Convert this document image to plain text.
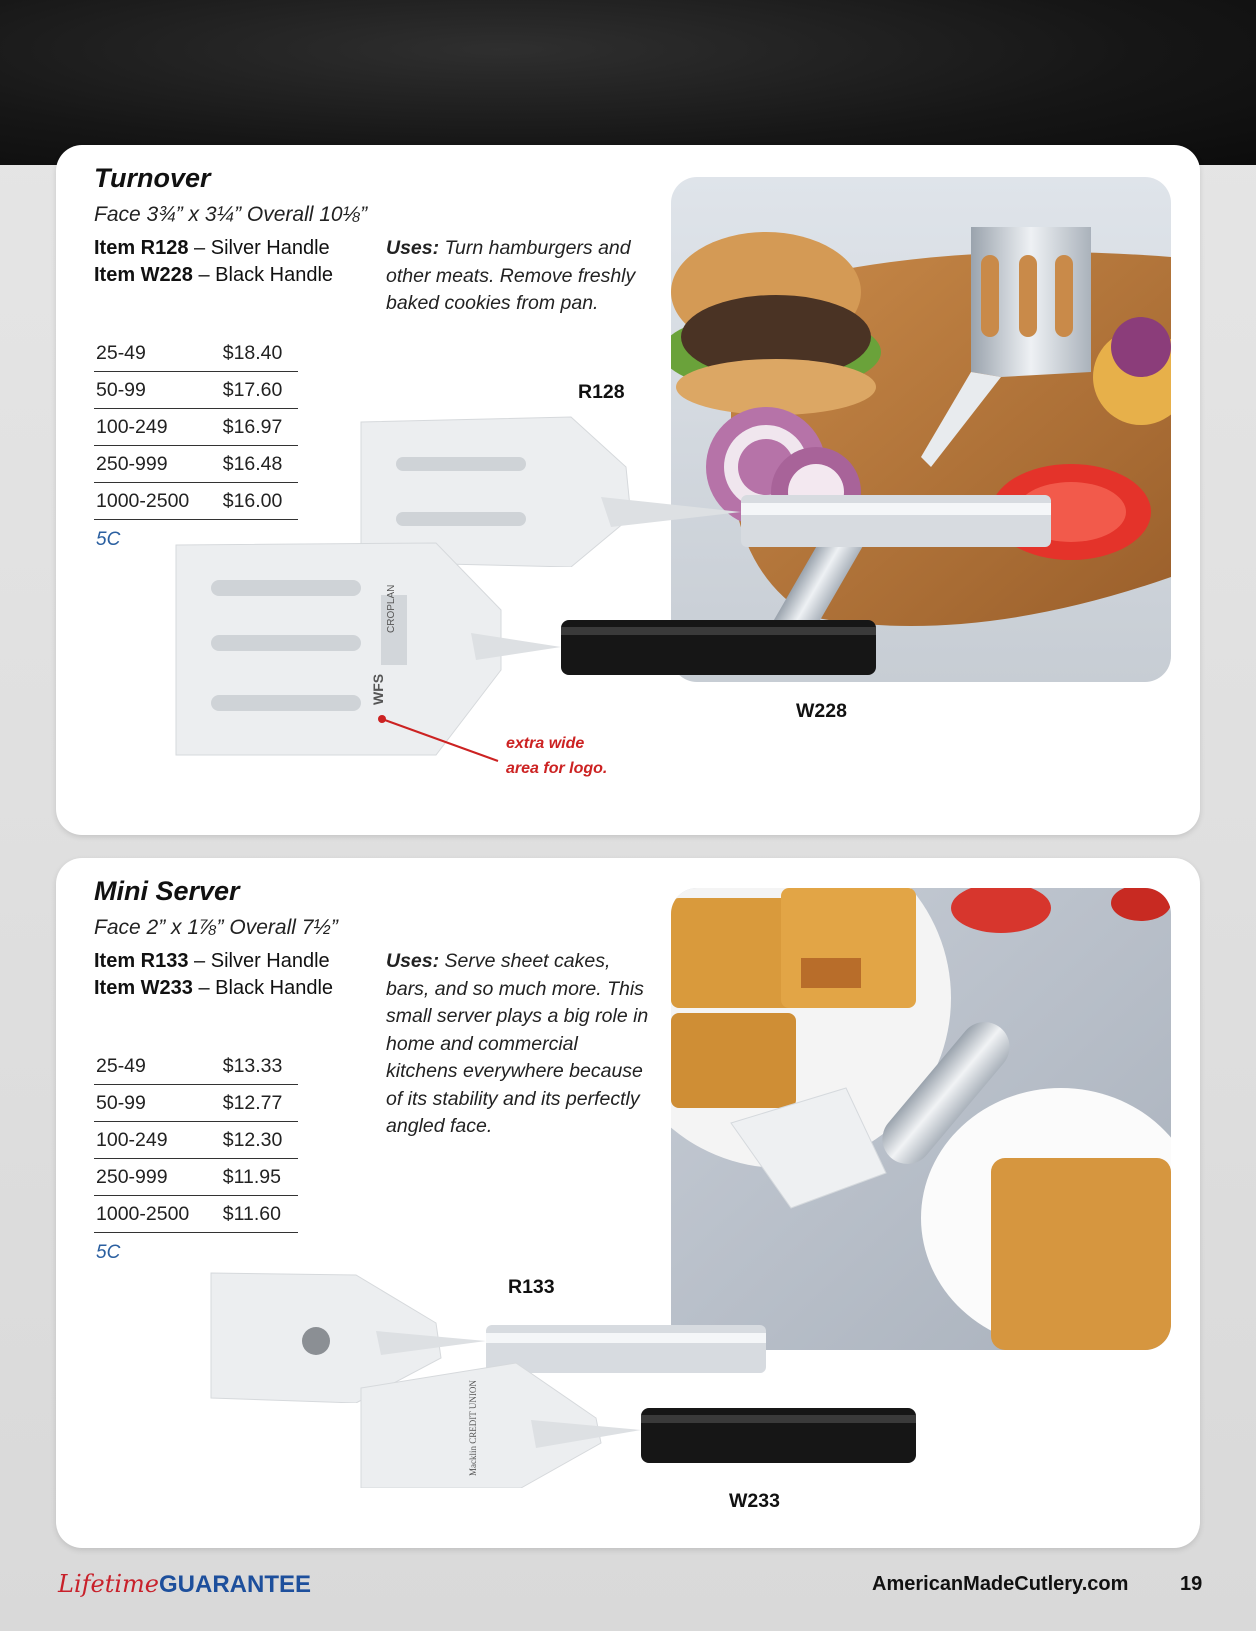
Turnover
Face 3¾” x 3¼” Overall 10⅛”
Item R128 – Silver Handle
Item W228 – Black Handle
Uses: Turn hamburgers and other meats. Remove freshly baked cookies from pan.
25-49	$18.40
50-99	$17.60
100-249	$16.97
250-999	$16.48
1000-2500	$16.00
5C
R128
CROPLAN
WFS
W228
extra wide
area for logo.
Mini Server
Face 2” x 1⅞” Overall 7½”
Item R133 – Silver Handle
Item W233 – Black Handle
Uses: Serve sheet cakes, bars, and so much more. This small server plays a big role in home and commercial kitchens everywhere because of its stability and its perfectly angled face.
25-49	$13.33
50-99	$12.77
100-249	$12.30
250-999	$11.95
1000-2500	$11.60
5C
R133
Macklin CREDIT UNION
W233
LifetimeGUARANTEE	AmericanMadeCutlery.com	19
